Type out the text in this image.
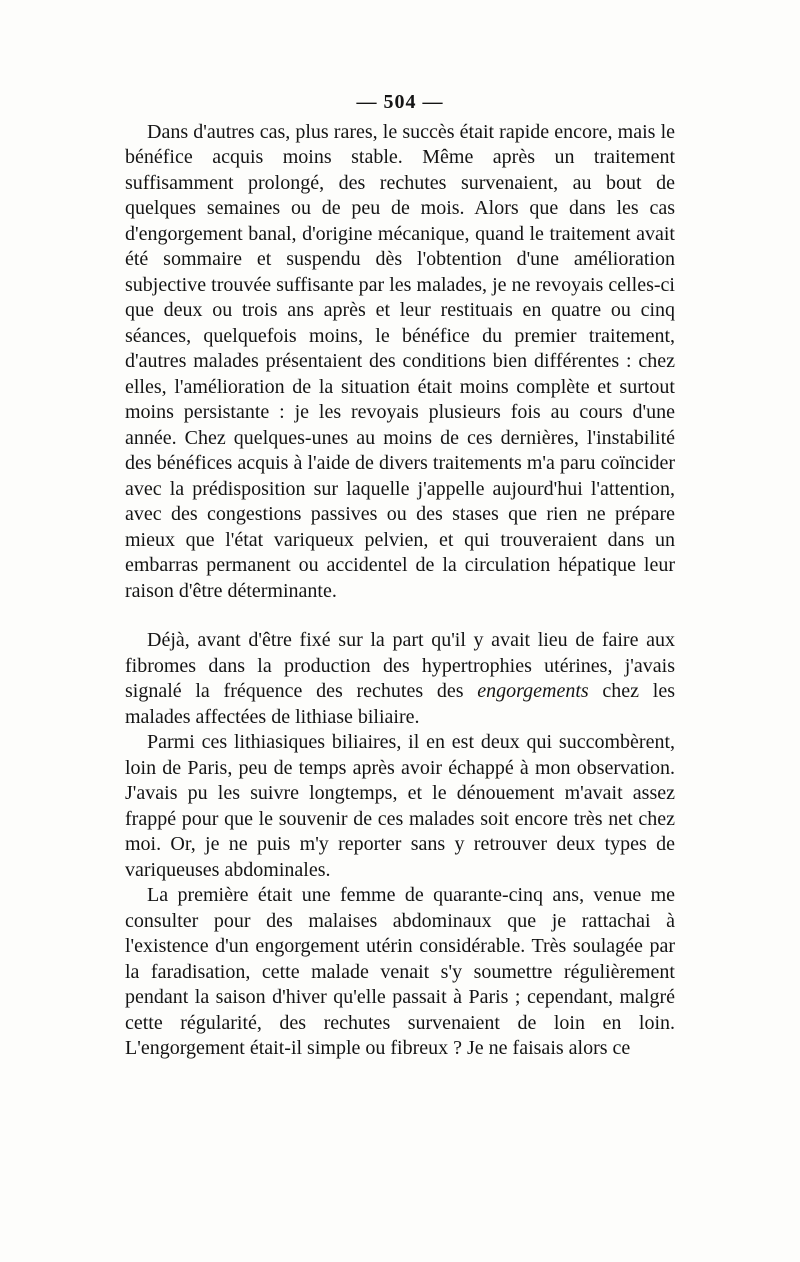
— 504 —

Dans d'autres cas, plus rares, le succès était rapide encore, mais le bénéfice acquis moins stable. Même après un traitement suffisamment prolongé, des rechutes survenaient, au bout de quelques semaines ou de peu de mois. Alors que dans les cas d'engorgement banal, d'origine mécanique, quand le traitement avait été sommaire et suspendu dès l'obtention d'une amélioration subjective trouvée suffisante par les malades, je ne revoyais celles-ci que deux ou trois ans après et leur restituais en quatre ou cinq séances, quelquefois moins, le bénéfice du premier traitement, d'autres malades présentaient des conditions bien différentes : chez elles, l'amélioration de la situation était moins complète et surtout moins persistante : je les revoyais plusieurs fois au cours d'une année. Chez quelques-unes au moins de ces dernières, l'instabilité des bénéfices acquis à l'aide de divers traitements m'a paru coïncider avec la prédisposition sur laquelle j'appelle aujourd'hui l'attention, avec des congestions passives ou des stases que rien ne prépare mieux que l'état variqueux pelvien, et qui trouveraient dans un embarras permanent ou accidentel de la circulation hépatique leur raison d'être déterminante.

Déjà, avant d'être fixé sur la part qu'il y avait lieu de faire aux fibromes dans la production des hypertrophies utérines, j'avais signalé la fréquence des rechutes des engorgements chez les malades affectées de lithiase biliaire.

Parmi ces lithiasiques biliaires, il en est deux qui succombèrent, loin de Paris, peu de temps après avoir échappé à mon observation. J'avais pu les suivre longtemps, et le dénouement m'avait assez frappé pour que le souvenir de ces malades soit encore très net chez moi. Or, je ne puis m'y reporter sans y retrouver deux types de variqueuses abdominales.

La première était une femme de quarante-cinq ans, venue me consulter pour des malaises abdominaux que je rattachai à l'existence d'un engorgement utérin considérable. Très soulagée par la faradisation, cette malade venait s'y soumettre régulièrement pendant la saison d'hiver qu'elle passait à Paris ; cependant, malgré cette régularité, des rechutes survenaient de loin en loin. L'engorgement était-il simple ou fibreux ? Je ne faisais alors ce
